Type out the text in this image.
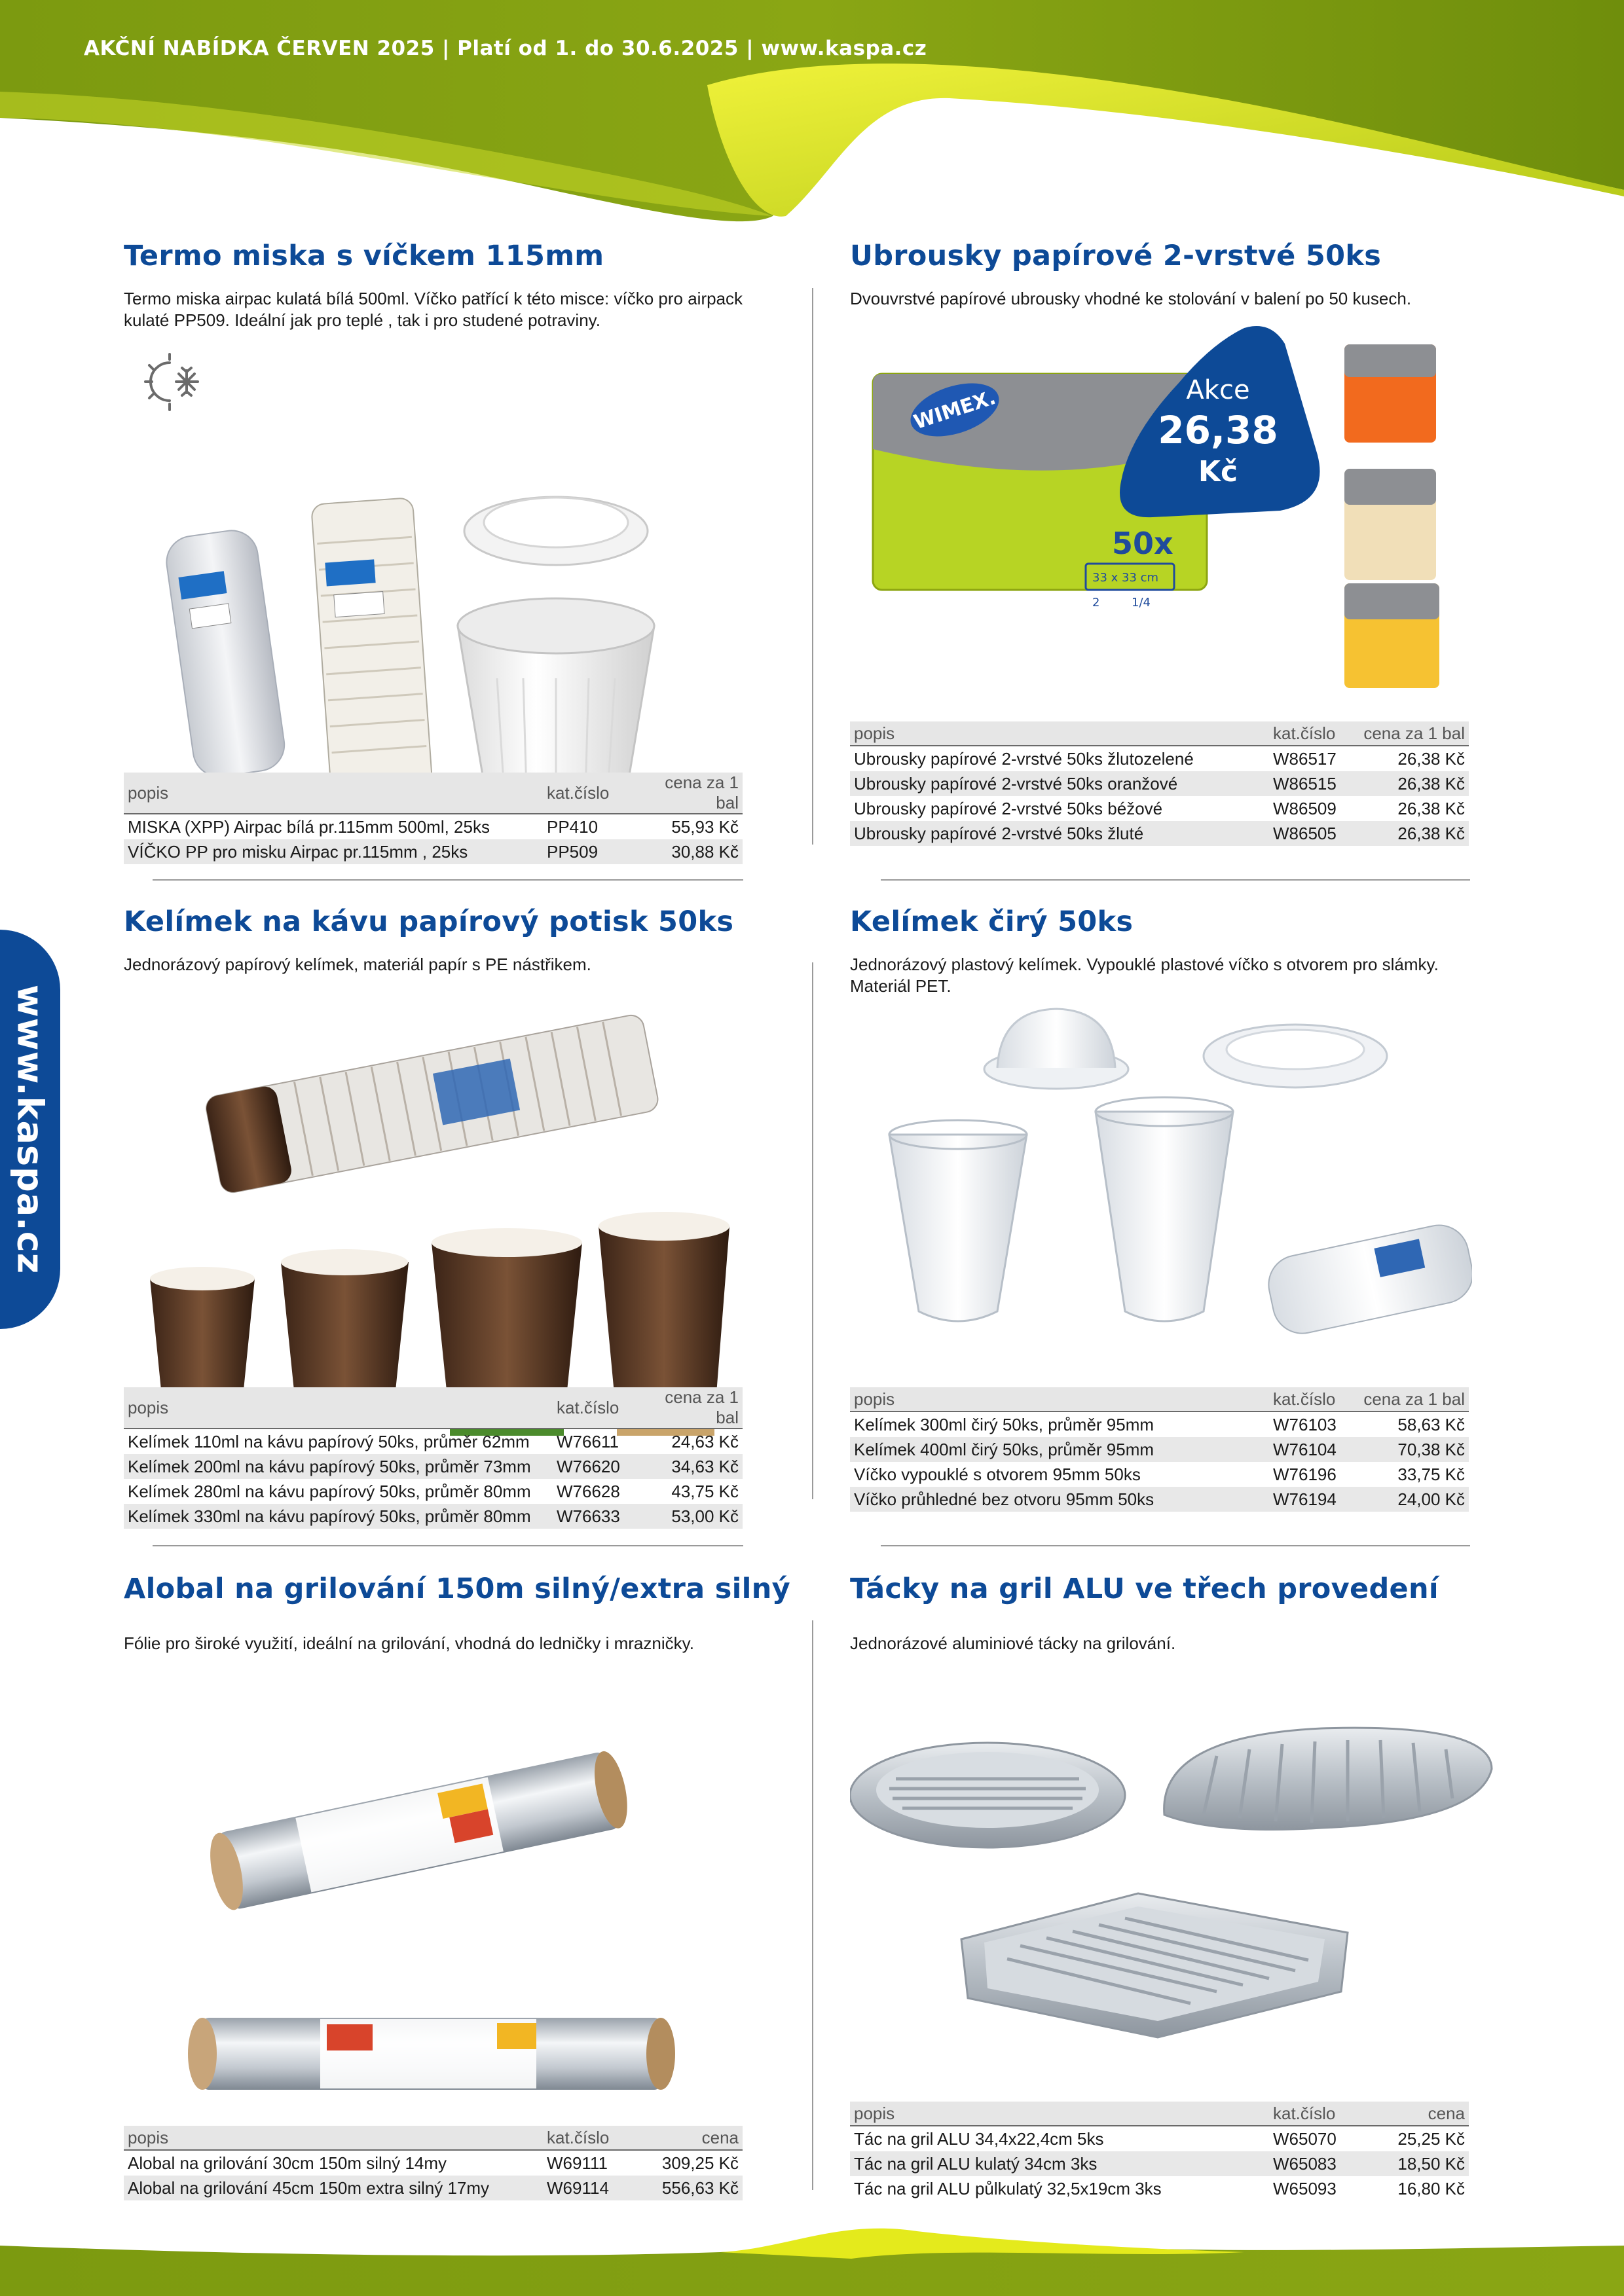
AKČNÍ NABÍDKA ČERVEN 2025 | Platí od 1. do 30.6.2025 | www.kaspa.cz
www.kaspa.cz
Termo miska s víčkem 115mm
Termo miska airpac kulatá bílá 500ml. Víčko patřící k této misce: víčko pro airpack kulaté PP509. Ideální jak pro teplé , tak i pro studené potraviny.
popis	kat.číslo	cena za 1 bal
MISKA (XPP) Airpac bílá pr.115mm 500ml, 25ks	PP410	55,93 Kč
VÍČKO PP pro misku Airpac pr.115mm , 25ks	PP509	30,88 Kč
Ubrousky papírové 2-vrstvé 50ks
Dvouvrstvé papírové ubrousky vhodné ke stolování v balení po 50 kusech.
WIMEX.
50x
33 x 33 cm
2	1/4
popis	kat.číslo	cena za 1 bal
Ubrousky papírové 2-vrstvé 50ks žlutozelené	W86517	26,38 Kč
Ubrousky papírové 2-vrstvé 50ks oranžové	W86515	26,38 Kč
Ubrousky papírové 2-vrstvé 50ks béžové	W86509	26,38 Kč
Ubrousky papírové 2-vrstvé 50ks žluté	W86505	26,38 Kč
Akce
26,38
Kč
Kelímek na kávu papírový potisk 50ks
Jednorázový papírový kelímek, materiál papír s PE nástřikem.
popis	kat.číslo	cena za 1 bal
Kelímek 110ml na kávu papírový 50ks, průměr 62mm	W76611	24,63 Kč
Kelímek 200ml na kávu papírový 50ks, průměr 73mm	W76620	34,63 Kč
Kelímek 280ml na kávu papírový 50ks, průměr 80mm	W76628	43,75 Kč
Kelímek 330ml na kávu papírový 50ks, průměr 80mm	W76633	53,00 Kč
Kelímek čirý 50ks
Jednorázový plastový kelímek. Vypouklé plastové víčko s otvorem pro slámky. Materiál PET.
popis	kat.číslo	cena za 1 bal
Kelímek 300ml čirý 50ks, průměr 95mm	W76103	58,63 Kč
Kelímek 400ml čirý 50ks, průměr 95mm	W76104	70,38 Kč
Víčko vypouklé s otvorem 95mm 50ks	W76196	33,75 Kč
Víčko průhledné bez otvoru 95mm 50ks	W76194	24,00 Kč
Alobal na grilování 150m silný/extra silný
Fólie pro široké využití, ideální na grilování, vhodná do ledničky i mrazničky.
popis	kat.číslo	cena
Alobal na grilování 30cm 150m silný 14my	W69111	309,25 Kč
Alobal na grilování 45cm 150m extra silný 17my	W69114	556,63 Kč
Tácky na gril ALU ve třech provedení
Jednorázové aluminiové tácky na grilování.
popis	kat.číslo	cena
Tác na gril ALU 34,4x22,4cm 5ks	W65070	25,25 Kč
Tác na gril ALU kulatý 34cm 3ks	W65083	18,50 Kč
Tác na gril ALU půlkulatý 32,5x19cm 3ks	W65093	16,80 Kč
